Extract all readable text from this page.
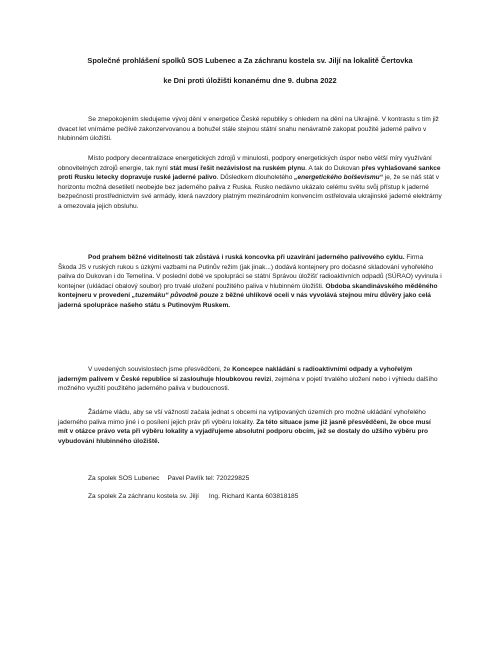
Společné prohlášení spolků SOS Lubenec a Za záchranu kostela sv. Jiljí na lokalitě Čertovka
ke Dni proti úložišti konanému dne 9. dubna 2022

Se znepokojením sledujeme vývoj dění v energetice České republiky s ohledem na dění na Ukrajině. V kontrastu s tím již dvacet let vnímáme pečlivě zakonzervovanou a bohužel stále stejnou státní snahu nenávratně zakopat použité jaderné palivo v hlubinném úložišti.

Místo podpory decentralizace energetických zdrojů v minulosti, podpory energetických úspor nebo větší míry využívání obnovitelných zdrojů energie, tak nyní stát musí řešit nezávislost na ruském plynu. A tak do Dukovan přes vyhlašované sankce proti Rusku letecky dopravuje ruské jaderné palivo. Důsledkem dlouholetého „energetického bolševismu“ je, že se náš stát v horizontu možná desetiletí neobejde bez jaderného paliva z Ruska. Rusko nedávno ukázalo celému světu svůj přístup k jaderné bezpečnosti prostřednictvím své armády, která navzdory platným mezinárodním konvencím ostřelovala ukrajinské jaderné elektrárny a omezovala jejich obsluhu.

Pod prahem běžné viditelnosti tak zůstává i ruská koncovka při uzavírání jaderného palivového cyklu. Firma Škoda JS v ruských rukou s úzkými vazbami na Putinův režim (jak jinak...) dodává kontejnery pro dočasné skladování vyhořelého paliva do Dukovan i do Temelína. V poslední době ve spolupráci se státní Správou úložišť radioaktivních odpadů (SÚRAO) vyvinula i kontejner (ukládací obalový soubor) pro trvalé uložení použitého paliva v hlubinném úložišti. Obdoba skandinávského měděného kontejneru v provedení „tuzemáku“ původně pouze z běžné uhlíkové oceli v nás vyvolává stejnou míru důvěry jako celá jaderná spolupráce našeho státu s Putinovým Ruskem.

V uvedených souvislostech jsme přesvědčeni, že Koncepce nakládání s radioaktivními odpady a vyhořelým jaderným palivem v České republice si zaslouhuje hloubkovou revizi, zejména v pojetí trvalého uložení nebo i výhledu dalšího možného využití použitého jaderného paliva v budoucnosti.

Žádáme vládu, aby se vší vážností začala jednat s obcemi na vytipovaných územích pro možné ukládání vyhořelého jaderného paliva mimo jiné i o posílení jejich práv při výběru lokality. Za této situace jsme již jasně přesvědčeni, že obce musí mít v otázce právo veta při výběru lokality a vyjadřujeme absolutní podporu obcím, jež se dostaly do užšího výběru pro vybudování hlubinného úložiště.

Za spolek SOS Lubenec Pavel Pavlík tel: 720229825
Za spolek Za záchranu kostela sv. Jiljí Ing. Richard Kanta 603818185
